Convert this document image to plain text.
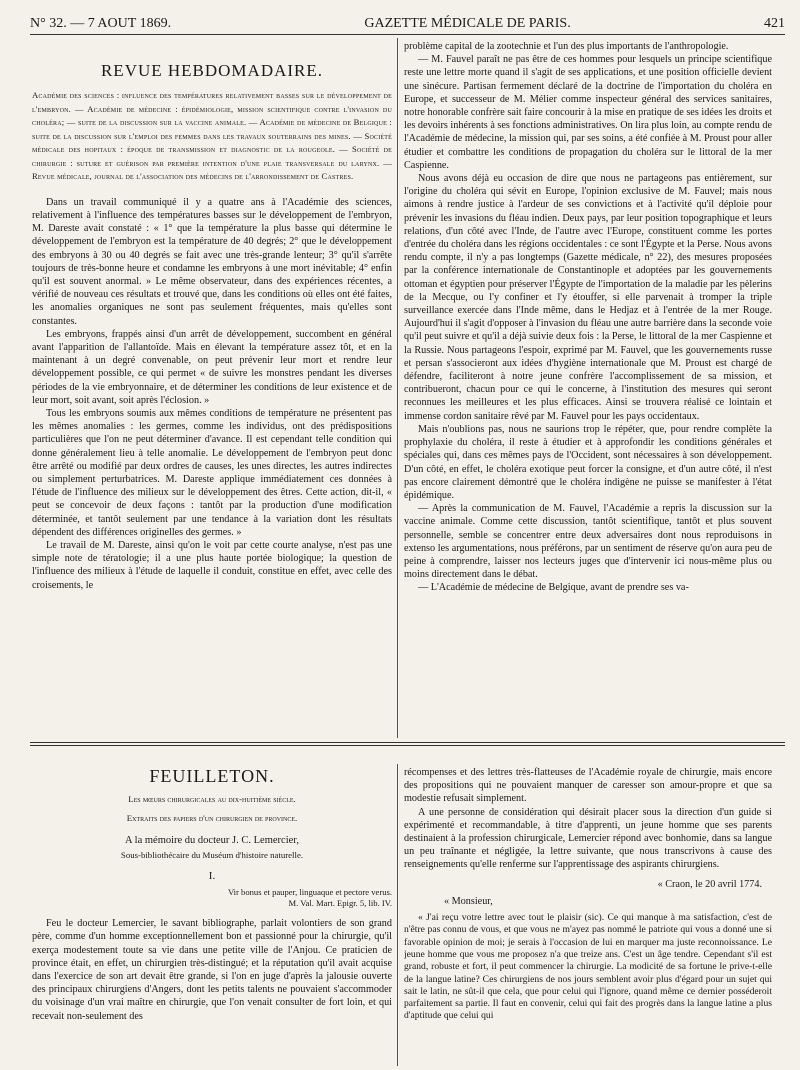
N° 32. — 7 AOUT 1869.	GAZETTE MÉDICALE DE PARIS.	421
REVUE HEBDOMADAIRE.
Académie des sciences : influence des températures relativement basses sur le développement de l'embryon. — Académie de médecine : épidémiologie, mission scientifique contre l'invasion du choléra; — suite de la discussion sur la vaccine animale. — Académie de médecine de Belgique : suite de la discussion sur l'emploi des femmes dans les travaux souterrains des mines. — Société médicale des hopitaux : époque de transmission et diagnostic de la rougeole. — Société de chirurgie : suture et guérison par première intention d'une plaie transversale du larynx. — Revue médicale, journal de l'association des médecins de l'arrondissement de Castres.

Dans un travail communiqué il y a quatre ans à l'Académie des sciences, relativement à l'influence des températures basses sur le développement de l'embryon, M. Dareste avait constaté : « 1° que la température la plus basse qui détermine le développement de l'embryon est la température de 40 degrés; 2° que le développement des embryons à 30 ou 40 degrés se fait avec une très-grande lenteur; 3° qu'il s'arrête toujours de très-bonne heure et condamne les embryons à une mort inévitable; 4° enfin qu'il est souvent anormal. » Le même observateur, dans des expériences récentes, a vérifié de nouveau ces résultats et trouvé que, dans les conditions où elles ont été faites, les anomalies organiques ne sont pas seulement fréquentes, mais qu'elles sont constantes.

Les embryons, frappés ainsi d'un arrêt de développement, succombent en général avant l'apparition de l'allantoïde. Mais en élevant la température assez tôt, et en la maintenant à un degré convenable, on peut prévenir leur mort et rendre leur développement possible, ce qui permet « de suivre les monstres pendant les diverses périodes de la vie embryonnaire, et de déterminer les conditions de leur existence et de leur mort, soit avant, soit après l'éclosion. »

Tous les embryons soumis aux mêmes conditions de température ne présentent pas les mêmes anomalies : les germes, comme les individus, ont des prédispositions particulières que l'on ne peut déterminer d'avance. Il est cependant telle condition qui donne généralement lieu à telle anomalie. Le développement de l'embryon peut donc être arrêté ou modifié par deux ordres de causes, les unes directes, les autres indirectes ou simplement perturbatrices. M. Dareste applique immédiatement ces données à l'étude de l'influence des milieux sur le développement des êtres. Cette action, dit-il, « peut se concevoir de deux façons : tantôt par la production d'une modification déterminée, et tantôt seulement par une tendance à la variation dont les résultats dépendent des différences originelles des germes. »

Le travail de M. Dareste, ainsi qu'on le voit par cette courte analyse, n'est pas une simple note de tératologie; il a une plus haute portée biologique; la question de l'influence des milieux à l'étude de laquelle il conduit, constitue en effet, avec celle des croisements, le

problème capital de la zootechnie et l'un des plus importants de l'anthropologie.

— M. Fauvel paraît ne pas être de ces hommes pour lesquels un principe scientifique reste une lettre morte quand il s'agit de ses applications, et une position officielle devient une sinécure. Partisan fermement déclaré de la doctrine de l'importation du choléra en Europe, et successeur de M. Mélier comme inspecteur général des services sanitaires, notre honorable confrère sait faire concourir à la mise en pratique de ses idées les droits et les devoirs inhérents à ses fonctions administratives. On lira plus loin, au compte rendu de l'Académie de médecine, la mission qui, par ses soins, a été confiée à M. Proust pour aller étudier et combattre les conditions de propagation du choléra sur le littoral de la mer Caspienne.

Nous avons déjà eu occasion de dire que nous ne partageons pas entièrement, sur l'origine du choléra qui sévit en Europe, l'opinion exclusive de M. Fauvel; mais nous aimons à rendre justice à l'ardeur de ses convictions et à l'activité qu'il déploie pour prévenir les invasions du fléau indien. Deux pays, par leur position topographique et leurs relations, d'un côté avec l'Inde, de l'autre avec l'Europe, constituent comme les portes d'entrée du choléra dans les régions occidentales : ce sont l'Égypte et la Perse. Nous avons rendu compte, il n'y a pas longtemps (Gazette médicale, n° 22), des mesures proposées par la conférence internationale de Constantinople et adoptées par les gouvernements ottoman et égyptien pour préserver l'Égypte de l'importation de la maladie par les pèlerins de la Mecque, ou l'y confiner et l'y étouffer, si elle parvenait à tromper la triple surveillance exercée dans l'Inde même, dans le Hedjaz et à l'entrée de la mer Rouge. Aujourd'hui il s'agit d'opposer à l'invasion du fléau une autre barrière dans la seconde voie qu'il peut suivre et qu'il a déjà suivie deux fois : la Perse, le littoral de la mer Caspienne et la Russie. Nous partageons l'espoir, exprimé par M. Fauvel, que les gouvernements russe et persan s'associeront aux idées d'hygiène internationale que M. Proust est chargé de défendre, faciliteront à notre jeune confrère l'accomplissement de sa mission, et contribueront, chacun pour ce qui le concerne, à l'institution des mesures qui seront reconnues les meilleures et les plus efficaces. Ainsi se trouvera réalisé ce lointain et immense cordon sanitaire rêvé par M. Fauvel pour les pays occidentaux.

Mais n'oublions pas, nous ne saurions trop le répéter, que, pour rendre complète la prophylaxie du choléra, il reste à étudier et à approfondir les conditions générales et spéciales qui, dans ces mêmes pays de l'Occident, sont nécessaires à son développement. D'un côté, en effet, le choléra exotique peut forcer la consigne, et d'un autre côté, il n'est pas encore clairement démontré que le choléra indigène ne puisse se manifester à l'état épidémique.

— Après la communication de M. Fauvel, l'Académie a repris la discussion sur la vaccine animale. Comme cette discussion, tantôt scientifique, tantôt et plus souvent personnelle, semble se concentrer entre deux adversaires dont nous reproduisons in extenso les argumentations, nous préférons, par un sentiment de réserve qu'on aura peu de peine à comprendre, laisser nos lecteurs juges que d'intervenir ici nous-même plus ou moins directement dans le débat.

— L'Académie de médecine de Belgique, avant de prendre ses va-

FEUILLETON.
Les mœurs chirurgicales au dix-huitième siècle.
Extraits des papiers d'un chirurgien de province.
A la mémoire du docteur J. C. Lemercier,
Sous-bibliothécaire du Muséum d'histoire naturelle.
I.
Vir bonus et pauper, linguaque et pectore verus.
M. Val. Mart. Epigr. 5, lib. IV.

Feu le docteur Lemercier, le savant bibliographe, parlait volontiers de son grand père, comme d'un homme exceptionnellement bon et passionné pour la chirurgie, qu'il exerça modestement toute sa vie dans une petite ville de l'Anjou. Ce praticien de province était, en effet, un chirurgien très-distingué; et la réputation qu'il avait acquise dans l'exercice de son art devait être grande, si l'on en juge d'après la jalousie ouverte des principaux chirurgiens d'Angers, dont les petits talents ne pouvaient s'accommoder du voisinage d'un vrai maître en chirurgie, que l'on venait consulter de fort loin, et qui recevait non-seulement des

récompenses et des lettres très-flatteuses de l'Académie royale de chirurgie, mais encore des propositions qui ne pouvaient manquer de caresser son amour-propre et que sa modestie refusait simplement.

A une personne de considération qui désirait placer sous la direction d'un guide si expérimenté et recommandable, à titre d'apprenti, un jeune homme que ses parents destinaient à la profession chirurgicale, Lemercier répond avec bonhomie, dans sa langue un peu traînante et négligée, la lettre suivante, que nous transcrivons à cause des renseignements qu'elle renferme sur l'apprentissage des aspirants chirurgiens.

« Craon, le 20 avril 1774.
« Monsieur,

« J'ai reçu votre lettre avec tout le plaisir (sic). Ce qui manque à ma satisfaction, c'est de n'être pas connu de vous, et que vous ne m'ayez pas nommé le patriote qui vous a donné une si favorable opinion de moi; je serais à l'occasion de lui en marquer ma juste reconnoissance. Le jeune homme que vous me proposez n'a que treize ans. C'est un âge tendre. Cependant s'il est grand, robuste et fort, il peut commencer la chirurgie. La modicité de sa fortune le prive-t-elle de la langue latine? Ces chirurgiens de nos jours semblent avoir plus d'égard pour un sujet qui sait le latin, ne sût-il que cela, que pour celui qui l'ignore, quand même ce dernier posséderoit parfaitement sa partie. Il faut en convenir, celui qui fait des progrès dans la langue latine a plus d'aptitude que celui qui
